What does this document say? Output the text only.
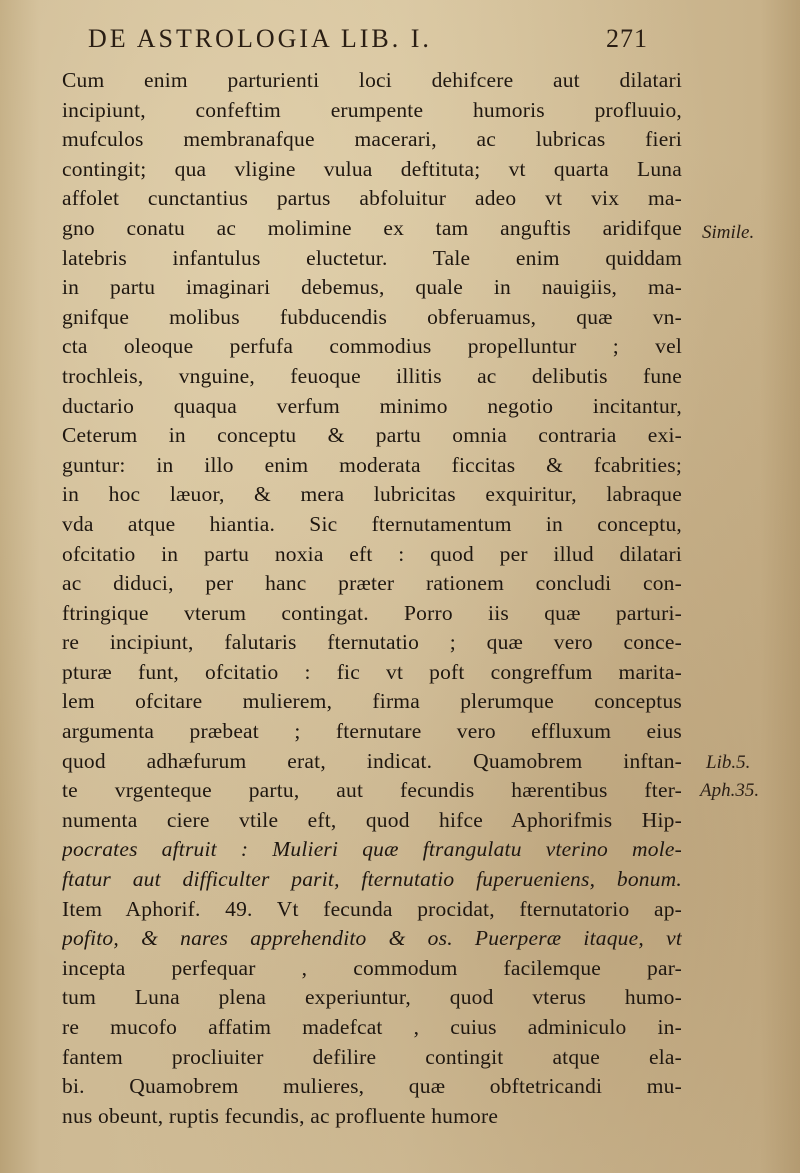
DE ASTROLOGIA LIB. I.	271
Cum enim parturienti loci dehifcere aut dilatari
incipiunt, confeftim erumpente humoris profluuio,
mufculos membranafque macerari, ac lubricas fieri
contingit; qua vligine vulua deftituta; vt quarta Luna
affolet cunctantius partus abfoluitur adeo vt vix ma-
gno conatu ac molimine ex tam anguftis aridifque
latebris infantulus eluctetur. Tale enim quiddam
in partu imaginari debemus, quale in nauigiis, ma-
gnifque molibus fubducendis obferuamus, quæ vn-
cta oleoque perfufa commodius propelluntur ; vel
trochleis, vnguine, feuoque illitis ac delibutis fune
ductario quaqua verfum minimo negotio incitantur,
Ceterum in conceptu & partu omnia contraria exi-
guntur: in illo enim moderata ficcitas & fcabrities;
in hoc læuor, & mera lubricitas exquiritur, labraque
vda atque hiantia. Sic fternutamentum in conceptu,
ofcitatio in partu noxia eft : quod per illud dilatari
ac diduci, per hanc præter rationem concludi con-
ftringique vterum contingat. Porro iis quæ parturi-
re incipiunt, falutaris fternutatio ; quæ vero conce-
pturæ funt, ofcitatio : fic vt poft congreffum marita-
lem ofcitare mulierem, firma plerumque conceptus
argumenta præbeat ; fternutare vero effluxum eius
quod adhæfurum erat, indicat. Quamobrem inftan-
te vrgenteque partu, aut fecundis hærentibus fter-
numenta ciere vtile eft, quod hifce Aphorifmis Hip-
pocrates aftruit : Mulieri quæ ftrangulatu vterino mole-
ftatur aut difficulter parit, fternutatio fuperueniens, bonum.
Item Aphorif. 49. Vt fecunda procidat, fternutatorio ap-
pofito, & nares apprehendito & os. Puerperæ itaque, vt
incepta perfequar , commodum facilemque par-
tum Luna plena experiuntur, quod vterus humo-
re mucofo affatim madefcat , cuius adminiculo in-
fantem procliuiter defilire contingit atque ela-
bi. Quamobrem mulieres, quæ obftetricandi mu-
nus obeunt, ruptis fecundis, ac profluente humore
Simile.
Lib.5.
Aph.35.
